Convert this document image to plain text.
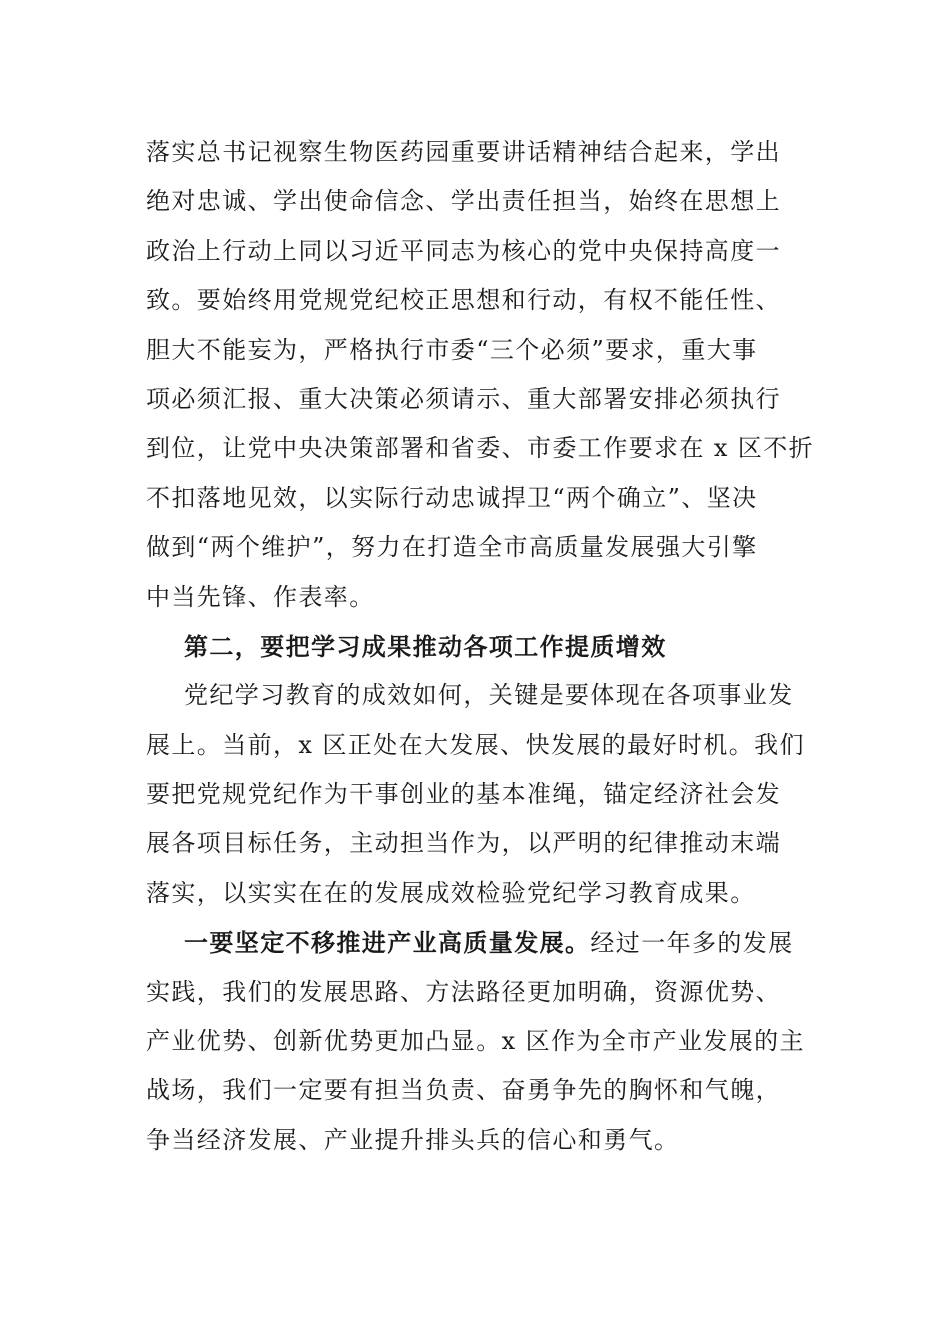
落实总书记视察生物医药园重要讲话精神结合起来，学出
绝对忠诚、学出使命信念、学出责任担当，始终在思想上
政治上行动上同以习近平同志为核心的党中央保持高度一
致。要始终用党规党纪校正思想和行动，有权不能任性、
胆大不能妄为，严格执行市委“三个必须”要求，重大事
项必须汇报、重大决策必须请示、重大部署安排必须执行
到位，让党中央决策部署和省委、市委工作要求在 x 区不折
不扣落地见效，以实际行动忠诚捍卫“两个确立”、坚决
做到“两个维护”，努力在打造全市高质量发展强大引擎
中当先锋、作表率。
第二，要把学习成果推动各项工作提质增效
党纪学习教育的成效如何，关键是要体现在各项事业发
展上。当前，x 区正处在大发展、快发展的最好时机。我们
要把党规党纪作为干事创业的基本准绳，锚定经济社会发
展各项目标任务，主动担当作为，以严明的纪律推动末端
落实，以实实在在的发展成效检验党纪学习教育成果。
一要坚定不移推进产业高质量发展。经过一年多的发展
实践，我们的发展思路、方法路径更加明确，资源优势、
产业优势、创新优势更加凸显。x 区作为全市产业发展的主
战场，我们一定要有担当负责、奋勇争先的胸怀和气魄，
争当经济发展、产业提升排头兵的信心和勇气。
